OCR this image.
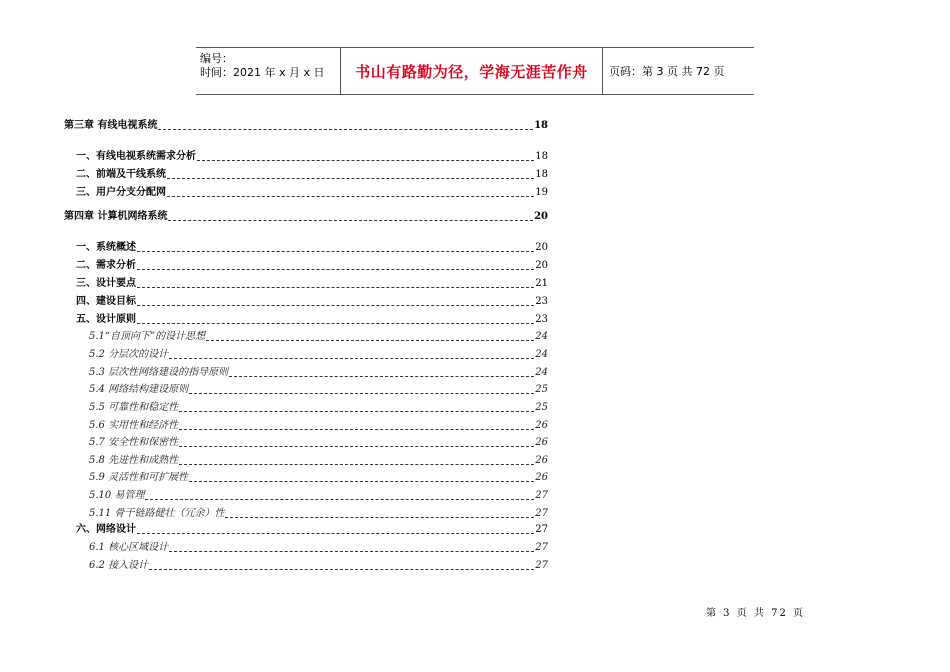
编号：
时间：2021 年 x 月 x 日	书山有路勤为径，学海无涯苦作舟	页码：第 3 页 共 72 页
第三章 有线电视系统	18
一、有线电视系统需求分析	18
二、前端及干线系统	18
三、用户分支分配网	19
第四章 计算机网络系统	20
一、系统概述	20
二、需求分析	20
三、设计要点	21
四、建设目标	23
五、设计原则	23
5.1“自顶向下”的设计思想	24
5.2 分层次的设计	24
5.3 层次性网络建设的指导原则	24
5.4 网络结构建设原则	25
5.5 可靠性和稳定性	25
5.6 实用性和经济性	26
5.7 安全性和保密性	26
5.8 先进性和成熟性	26
5.9 灵活性和可扩展性	26
5.10 易管理	27
5.11 骨干链路健壮（冗余）性	27
六、网络设计	27
6.1 核心区域设计	27
6.2 接入设计	27
第 3 页 共 72 页
